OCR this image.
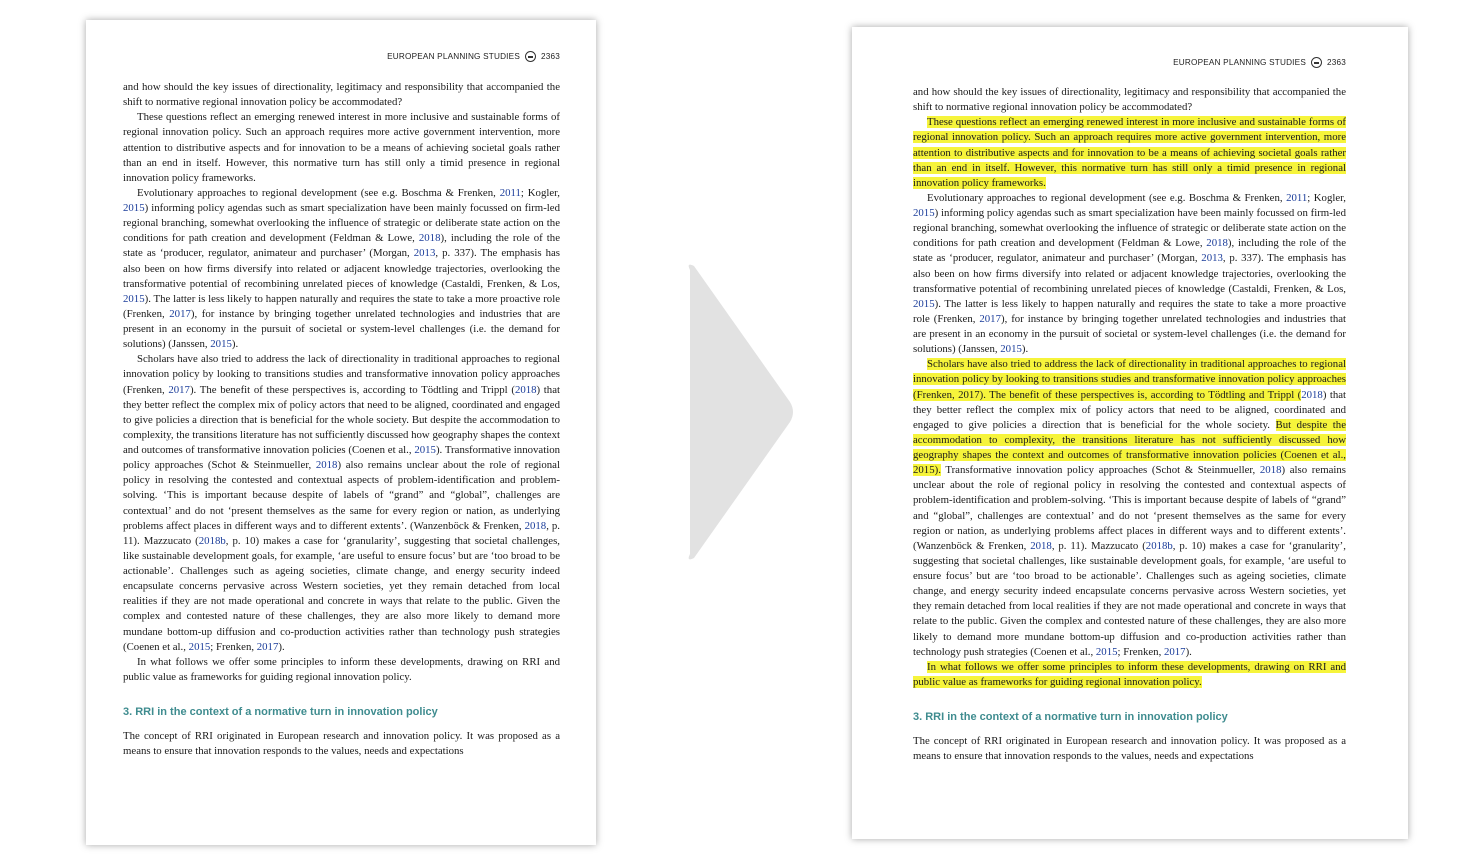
EUROPEAN PLANNING STUDIES	2363

and how should the key issues of directionality, legitimacy and responsibility that accompanied the shift to normative regional innovation policy be accommodated?

These questions reflect an emerging renewed interest in more inclusive and sustainable forms of regional innovation policy. Such an approach requires more active government intervention, more attention to distributive aspects and for innovation to be a means of achieving societal goals rather than an end in itself. However, this normative turn has still only a timid presence in regional innovation policy frameworks.

Evolutionary approaches to regional development (see e.g. Boschma & Frenken, 2011; Kogler, 2015) informing policy agendas such as smart specialization have been mainly focussed on firm-led regional branching, somewhat overlooking the influence of strategic or deliberate state action on the conditions for path creation and development (Feldman & Lowe, 2018), including the role of the state as ‘producer, regulator, animateur and purchaser’ (Morgan, 2013, p. 337). The emphasis has also been on how firms diversify into related or adjacent knowledge trajectories, overlooking the transformative potential of recombining unrelated pieces of knowledge (Castaldi, Frenken, & Los, 2015). The latter is less likely to happen naturally and requires the state to take a more proactive role (Frenken, 2017), for instance by bringing together unrelated technologies and industries that are present in an economy in the pursuit of societal or system-level challenges (i.e. the demand for solutions) (Janssen, 2015).

Scholars have also tried to address the lack of directionality in traditional approaches to regional innovation policy by looking to transitions studies and transformative innovation policy approaches (Frenken, 2017). The benefit of these perspectives is, according to Tödtling and Trippl (2018) that they better reflect the complex mix of policy actors that need to be aligned, coordinated and engaged to give policies a direction that is beneficial for the whole society. But despite the accommodation to complexity, the transitions literature has not sufficiently discussed how geography shapes the context and outcomes of transformative innovation policies (Coenen et al., 2015). Transformative innovation policy approaches (Schot & Steinmueller, 2018) also remains unclear about the role of regional policy in resolving the contested and contextual aspects of problem-identification and problem-solving. ‘This is important because despite of labels of “grand” and “global”, challenges are contextual’ and do not ‘present themselves as the same for every region or nation, as underlying problems affect places in different ways and to different extents’. (Wanzenböck & Frenken, 2018, p. 11). Mazzucato (2018b, p. 10) makes a case for ‘granularity’, suggesting that societal challenges, like sustainable development goals, for example, ‘are useful to ensure focus’ but are ‘too broad to be actionable’. Challenges such as ageing societies, climate change, and energy security indeed encapsulate concerns pervasive across Western societies, yet they remain detached from local realities if they are not made operational and concrete in ways that relate to the public. Given the complex and contested nature of these challenges, they are also more likely to demand more mundane bottom-up diffusion and co-production activities rather than technology push strategies (Coenen et al., 2015; Frenken, 2017).

In what follows we offer some principles to inform these developments, drawing on RRI and public value as frameworks for guiding regional innovation policy.

3. RRI in the context of a normative turn in innovation policy

The concept of RRI originated in European research and innovation policy. It was proposed as a means to ensure that innovation responds to the values, needs and expectations

EUROPEAN PLANNING STUDIES	2363

and how should the key issues of directionality, legitimacy and responsibility that accompanied the shift to normative regional innovation policy be accommodated?

These questions reflect an emerging renewed interest in more inclusive and sustainable forms of regional innovation policy. Such an approach requires more active government intervention, more attention to distributive aspects and for innovation to be a means of achieving societal goals rather than an end in itself. However, this normative turn has still only a timid presence in regional innovation policy frameworks.

Evolutionary approaches to regional development (see e.g. Boschma & Frenken, 2011; Kogler, 2015) informing policy agendas such as smart specialization have been mainly focussed on firm-led regional branching, somewhat overlooking the influence of strategic or deliberate state action on the conditions for path creation and development (Feldman & Lowe, 2018), including the role of the state as ‘producer, regulator, animateur and purchaser’ (Morgan, 2013, p. 337). The emphasis has also been on how firms diversify into related or adjacent knowledge trajectories, overlooking the transformative potential of recombining unrelated pieces of knowledge (Castaldi, Frenken, & Los, 2015). The latter is less likely to happen naturally and requires the state to take a more proactive role (Frenken, 2017), for instance by bringing together unrelated technologies and industries that are present in an economy in the pursuit of societal or system-level challenges (i.e. the demand for solutions) (Janssen, 2015).

Scholars have also tried to address the lack of directionality in traditional approaches to regional innovation policy by looking to transitions studies and transformative innovation policy approaches (Frenken, 2017). The benefit of these perspectives is, according to Tödtling and Trippl (2018) that they better reflect the complex mix of policy actors that need to be aligned, coordinated and engaged to give policies a direction that is beneficial for the whole society. But despite the accommodation to complexity, the transitions literature has not sufficiently discussed how geography shapes the context and outcomes of transformative innovation policies (Coenen et al., 2015). Transformative innovation policy approaches (Schot & Steinmueller, 2018) also remains unclear about the role of regional policy in resolving the contested and contextual aspects of problem-identification and problem-solving. ‘This is important because despite of labels of “grand” and “global”, challenges are contextual’ and do not ‘present themselves as the same for every region or nation, as underlying problems affect places in different ways and to different extents’. (Wanzenböck & Frenken, 2018, p. 11). Mazzucato (2018b, p. 10) makes a case for ‘granularity’, suggesting that societal challenges, like sustainable development goals, for example, ‘are useful to ensure focus’ but are ‘too broad to be actionable’. Challenges such as ageing societies, climate change, and energy security indeed encapsulate concerns pervasive across Western societies, yet they remain detached from local realities if they are not made operational and concrete in ways that relate to the public. Given the complex and contested nature of these challenges, they are also more likely to demand more mundane bottom-up diffusion and co-production activities rather than technology push strategies (Coenen et al., 2015; Frenken, 2017).

In what follows we offer some principles to inform these developments, drawing on RRI and public value as frameworks for guiding regional innovation policy.

3. RRI in the context of a normative turn in innovation policy

The concept of RRI originated in European research and innovation policy. It was proposed as a means to ensure that innovation responds to the values, needs and expectations
